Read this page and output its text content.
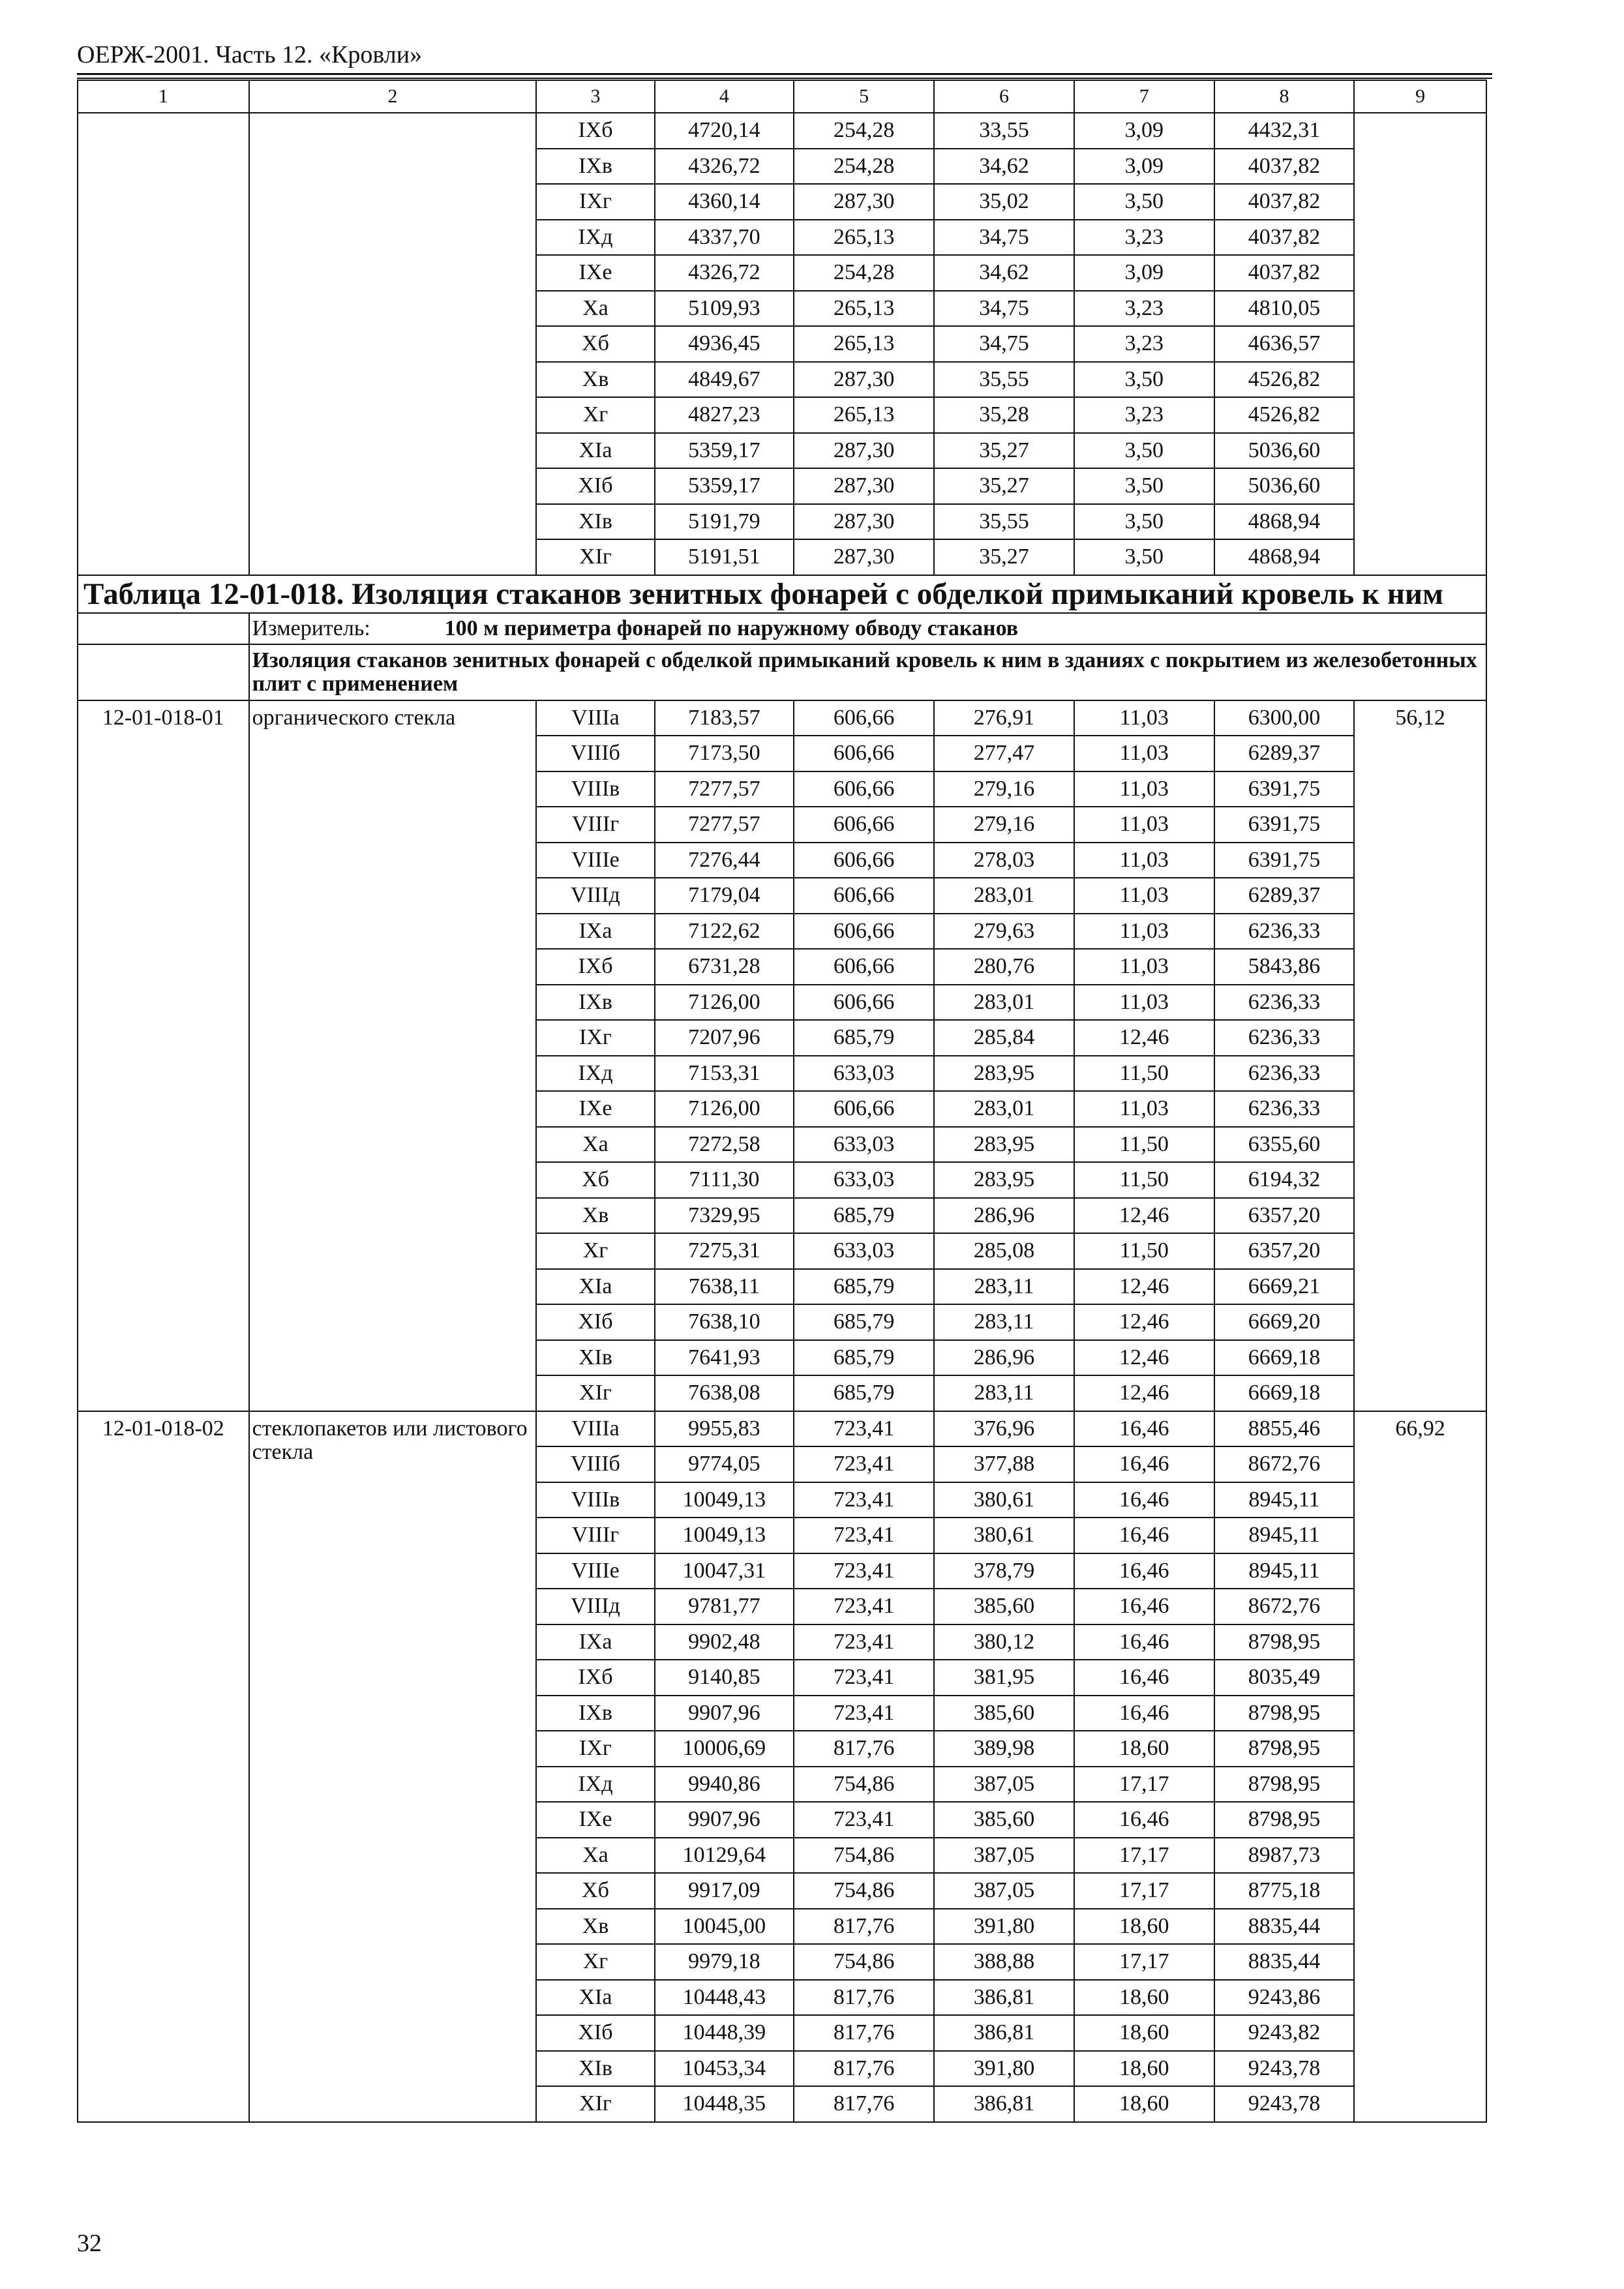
ОЕРЖ-2001. Часть 12. «Кровли»
1	2	3	4	5	6	7	8	9
		IXб	4720,14	254,28	33,55	3,09	4432,31	
		IXв	4326,72	254,28	34,62	3,09	4037,82	
		IXг	4360,14	287,30	35,02	3,50	4037,82	
		IXд	4337,70	265,13	34,75	3,23	4037,82	
		IXе	4326,72	254,28	34,62	3,09	4037,82	
		Xа	5109,93	265,13	34,75	3,23	4810,05	
		Xб	4936,45	265,13	34,75	3,23	4636,57	
		Xв	4849,67	287,30	35,55	3,50	4526,82	
		Xг	4827,23	265,13	35,28	3,23	4526,82	
		XIа	5359,17	287,30	35,27	3,50	5036,60	
		XIб	5359,17	287,30	35,27	3,50	5036,60	
		XIв	5191,79	287,30	35,55	3,50	4868,94	
		XIг	5191,51	287,30	35,27	3,50	4868,94	
Таблица 12-01-018. Изоляция стаканов зенитных фонарей с обделкой примыканий кровель к ним								
	Измеритель: 100 м периметра фонарей по наружному обводу стаканов							
	Изоляция стаканов зенитных фонарей с обделкой примыканий кровель к ним в зданиях с покрытием из железобетонных плит с применением							
12-01-018-01	органического стекла	VIIIа	7183,57	606,66	276,91	11,03	6300,00	56,12
		VIIIб	7173,50	606,66	277,47	11,03	6289,37	
		VIIIв	7277,57	606,66	279,16	11,03	6391,75	
		VIIIг	7277,57	606,66	279,16	11,03	6391,75	
		VIIIе	7276,44	606,66	278,03	11,03	6391,75	
		VIIIд	7179,04	606,66	283,01	11,03	6289,37	
		IXа	7122,62	606,66	279,63	11,03	6236,33	
		IXб	6731,28	606,66	280,76	11,03	5843,86	
		IXв	7126,00	606,66	283,01	11,03	6236,33	
		IXг	7207,96	685,79	285,84	12,46	6236,33	
		IXд	7153,31	633,03	283,95	11,50	6236,33	
		IXе	7126,00	606,66	283,01	11,03	6236,33	
		Xа	7272,58	633,03	283,95	11,50	6355,60	
		Xб	7111,30	633,03	283,95	11,50	6194,32	
		Xв	7329,95	685,79	286,96	12,46	6357,20	
		Xг	7275,31	633,03	285,08	11,50	6357,20	
		XIа	7638,11	685,79	283,11	12,46	6669,21	
		XIб	7638,10	685,79	283,11	12,46	6669,20	
		XIв	7641,93	685,79	286,96	12,46	6669,18	
		XIг	7638,08	685,79	283,11	12,46	6669,18	
12-01-018-02	стеклопакетов или листового стекла	VIIIа	9955,83	723,41	376,96	16,46	8855,46	66,92
		VIIIб	9774,05	723,41	377,88	16,46	8672,76	
		VIIIв	10049,13	723,41	380,61	16,46	8945,11	
		VIIIг	10049,13	723,41	380,61	16,46	8945,11	
		VIIIе	10047,31	723,41	378,79	16,46	8945,11	
		VIIIд	9781,77	723,41	385,60	16,46	8672,76	
		IXа	9902,48	723,41	380,12	16,46	8798,95	
		IXб	9140,85	723,41	381,95	16,46	8035,49	
		IXв	9907,96	723,41	385,60	16,46	8798,95	
		IXг	10006,69	817,76	389,98	18,60	8798,95	
		IXд	9940,86	754,86	387,05	17,17	8798,95	
		IXе	9907,96	723,41	385,60	16,46	8798,95	
		Xа	10129,64	754,86	387,05	17,17	8987,73	
		Xб	9917,09	754,86	387,05	17,17	8775,18	
		Xв	10045,00	817,76	391,80	18,60	8835,44	
		Xг	9979,18	754,86	388,88	17,17	8835,44	
		XIа	10448,43	817,76	386,81	18,60	9243,86	
		XIб	10448,39	817,76	386,81	18,60	9243,82	
		XIв	10453,34	817,76	391,80	18,60	9243,78	
		XIг	10448,35	817,76	386,81	18,60	9243,78	
32
